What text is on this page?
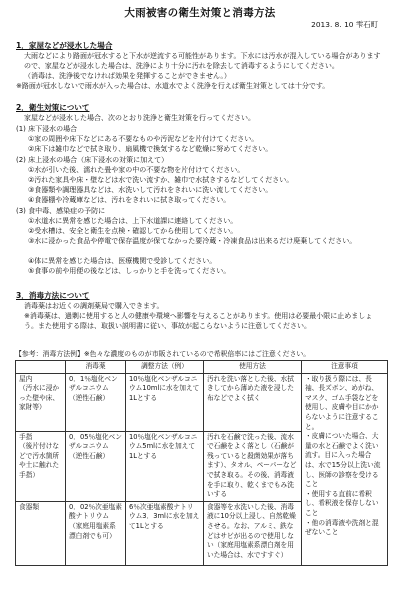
大雨被害の衛生対策と消毒方法
2013. 8. 10 雫石町
1．家屋などが浸水した場合
大雨などにより路面が冠水すると下水が逆流する可能性があります。下水には汚水が混入している場合がありますので、家屋などが浸水した場合は、洗浄により十分に汚れを除去して消毒するようにしてください。
（消毒は、洗浄後でなければ効果を発揮することができません。）
※路面が冠水しないで雨水が入った場合は、水道水でよく洗浄を行えば衛生対策としては十分です。
2．衛生対策について
家屋などが浸水した場合、次のとおり洗浄と衛生対策を行ってください。
(1) 床下浸水の場合
①家の周囲や床下などにある不要なものや汚泥などを片付けてください。
②床下は雑巾などで拭き取り、扇風機で換気するなど乾燥に努めてください。
(2) 床上浸水の場合（床下浸水の対策に加えて）
①水が引いた後、濡れた畳や家の中の不要な物を片付けてください。
②汚れた家具や床・壁などは水で洗い流すか、雑巾で水拭きするなどしてください。
③食器類や調理器具などは、水洗いして汚れをきれいに洗い流してください。
④食器棚や冷蔵庫などは、汚れをきれいに拭き取ってください。
(3) 食中毒、感染症の予防に
①水道水に異常を感じた場合は、上下水道課に連絡してください。
②受水槽は、安全と衛生を点検・確認してから使用してください。
③水に浸かった食品や停電で保存温度が保てなかった要冷蔵・冷凍食品は出来るだけ廃棄してください。
④体に異常を感じた場合は、医療機関で受診してください。
⑤食事の前や用便の後などは、しっかりと手を洗ってください。
3．消毒方法について
消毒薬はお近くの調剤薬局で購入できます。
※消毒薬は、過剰に使用すると人の健康や環境へ影響を与えることがあります。使用は必要最小限に止めましょう。また使用する際は、取扱い説明書に従い、事故が起こらないように注意してください。
【参考：消毒方法例】※色々な濃度のものが市販されているので希釈倍率にはご注意ください。
	消毒薬	調整方法（例）	使用方法	注意事項
屋内
（汚水に浸かった壁や床、家財等）	0．1％塩化ベンザルコニウム
（逆性石鹸）	10％塩化ベンザルコニウム10mlに水を加えて1Lとする	汚れを洗い落とした後、水拭きしてから薄めた液を浸した布などでよく拭く	・取り扱う際には、長袖、長ズボン、めがね、マスク、ゴム手袋などを使用し、皮膚や目にかからないように注意すること。
・皮膚についた場合、大量の水と石鹸でよく洗い流す。目に入った場合は、水で15分以上洗い流し、医師の診察を受けること
・使用する直前に希釈し、希釈液を保存しないこと
・他の消毒液や洗剤と混ぜないこと
手指
（後片付けなどで汚水箇所や土に触れた手指）	0．05％塩化ベンザルコニウム
（逆性石鹸）	10％塩化ベンザルコニウム5mlに水を加えて1Lとする	汚れを石鹸で洗った後、流水で石鹸をよく落とし（石鹸が残っていると殺菌効果が落ちます）、タオル、ペーパーなどで拭き取る。その後、消毒液を手に取り、乾くまでもみ洗いする	
食器類	0．02％次亜塩素酸ナトリウム
（家庭用塩素系漂白剤でも可）	6％次亜塩素酸ナトリウム3．3mlに水を加えて1Lとする	食器等を水洗いした後、消毒液に10分以上浸し、自然乾燥させる。なお、アルミ、鉄などはサビが出るので使用しない（家庭用塩素系漂白剤を用いた場合は、水ですすぐ）	
